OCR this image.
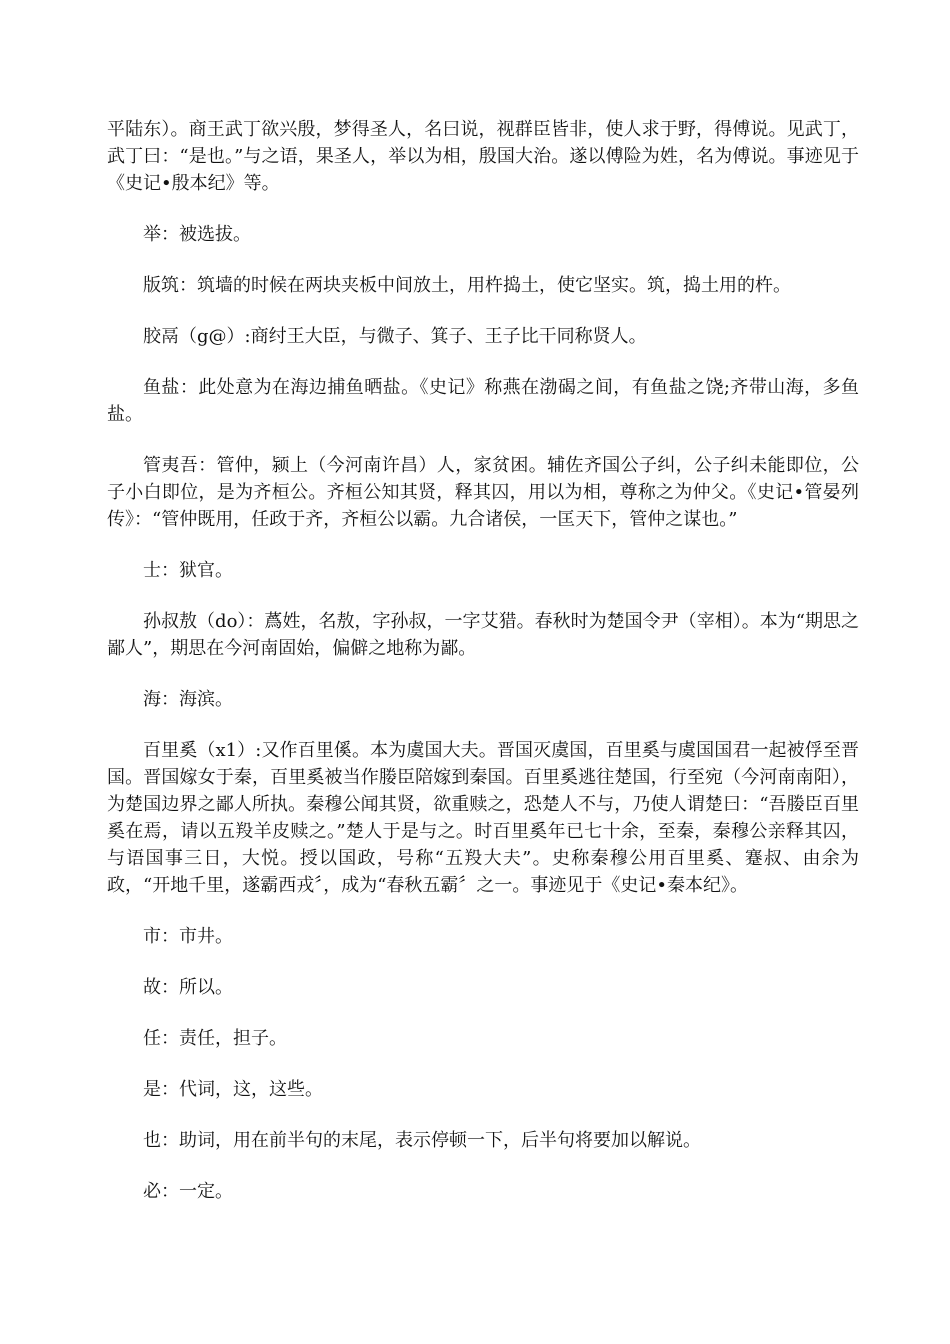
平陆东）。商王武丁欲兴殷，梦得圣人，名曰说，视群臣皆非，使人求于野，得傅说。见武丁，武丁曰：“是也。”与之语，果圣人，举以为相，殷国大治。遂以傅险为姓，名为傅说。事迹见于《史记•殷本纪》等。

举：被选拔。

版筑：筑墙的时候在两块夹板中间放土，用杵捣土，使它坚实。筑，捣土用的杵。

胶鬲（g@）:商纣王大臣，与微子、箕子、王子比干同称贤人。

鱼盐：此处意为在海边捕鱼晒盐。《史记》称燕在渤碣之间，有鱼盐之饶;齐带山海，多鱼盐。

管夷吾：管仲，颍上（今河南许昌）人，家贫困。辅佐齐国公子纠，公子纠未能即位，公子小白即位，是为齐桓公。齐桓公知其贤，释其囚，用以为相，尊称之为仲父。《史记•管晏列传》：“管仲既用，任政于齐，齐桓公以霸。九合诸侯，一匡天下，管仲之谋也。”

士：狱官。

孙叔敖（do）：蔿姓，名敖，字孙叔，一字艾猎。春秋时为楚国令尹（宰相）。本为“期思之鄙人”，期思在今河南固始，偏僻之地称为鄙。

海：海滨。

百里奚（x1）:又作百里傒。本为虞国大夫。晋国灭虞国，百里奚与虞国国君一起被俘至晋国。晋国嫁女于秦，百里奚被当作媵臣陪嫁到秦国。百里奚逃往楚国，行至宛（今河南南阳），为楚国边界之鄙人所执。秦穆公闻其贤，欲重赎之，恐楚人不与，乃使人谓楚曰：“吾媵臣百里奚在焉，请以五羖羊皮赎之。”楚人于是与之。时百里奚年已七十余，至秦，秦穆公亲释其囚，与语国事三日，大悦。授以国政，号称“五羖大夫”。史称秦穆公用百里奚、蹇叔、由余为政，“开地千里，遂霸西戎〞，成为“春秋五霸〞之一。事迹见于《史记•秦本纪》。

市：市井。

故：所以。

任：责任，担子。

是：代词，这，这些。

也：助词，用在前半句的末尾，表示停顿一下，后半句将要加以解说。

必：一定。
